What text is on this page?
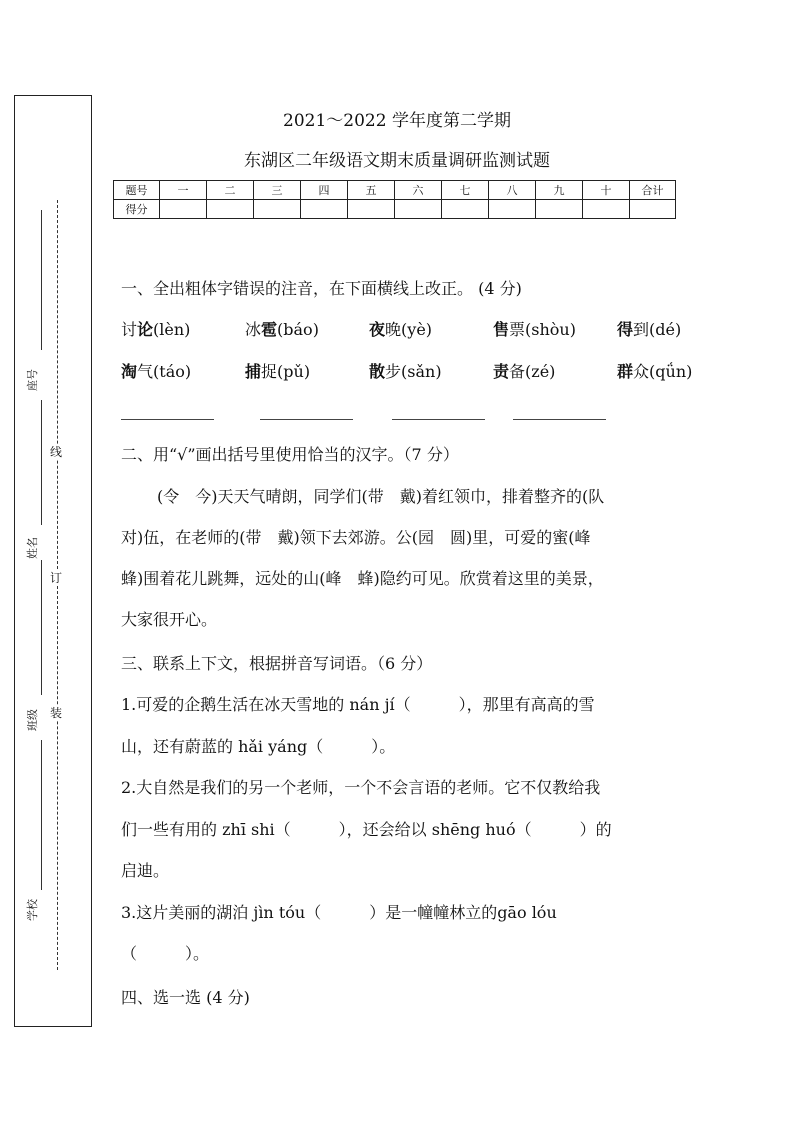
线
订
装
座号
姓名
班级
学校
2021～2022 学年度第二学期
东湖区二年级语文期末质量调研监测试题
题号	一	二	三	四	五	六	七	八	九	十	合计
得分											
一、全出粗体字错误的注音，在下面横线上改正。 (4 分)
讨论(lèn)	冰雹(báo)	夜晚(yè)	售票(shòu)	得到(dé)
淘气(táo)	捕捉(pǔ)	散步(sǎn)	责备(zé)	群众(qǘn)
二、用“√”画出括号里使用恰当的汉字。（7 分）
(令　今)天天气晴朗，同学们(带　戴)着红领巾，排着整齐的(队
对)伍，在老师的(带　戴)领下去郊游。公(园　圆)里，可爱的蜜(峰
蜂)围着花儿跳舞，远处的山(峰　蜂)隐约可见。欣赏着这里的美景，
大家很开心。
三、联系上下文，根据拼音写词语。（6 分）
1.可爱的企鹅生活在冰天雪地的 nán jí（　　　），那里有高高的雪
山，还有蔚蓝的 hǎi yáng（　　　）。
2.大自然是我们的另一个老师，一个不会言语的老师。它不仅教给我
们一些有用的 zhī shi（　　　），还会给以 shēng huó（　　　）的
启迪。
3.这片美丽的湖泊 jìn tóu（　　　）是一幢幢林立的gāo lóu
（　　　）。
四、选一选 (4 分)
